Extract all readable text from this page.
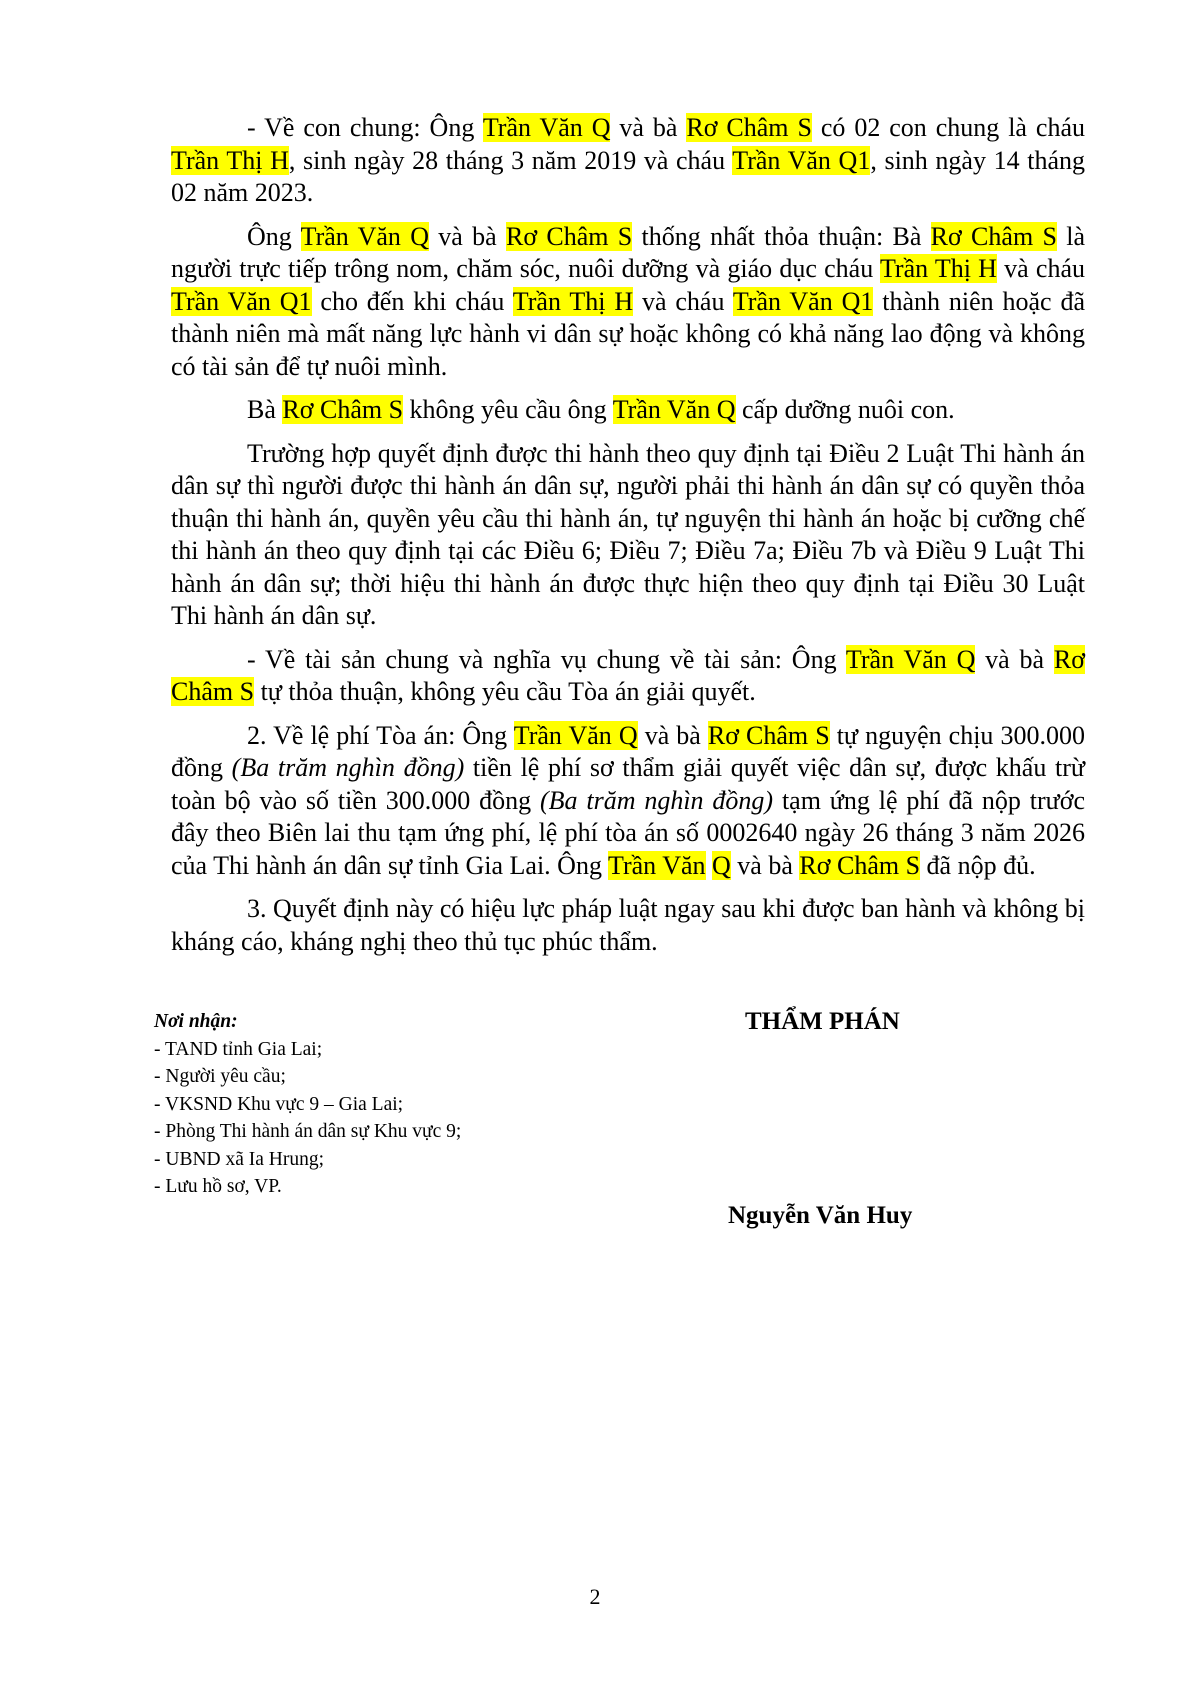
- Về con chung: Ông Trần Văn Q và bà Rơ Châm S có 02 con chung là cháu Trần Thị H, sinh ngày 28 tháng 3 năm 2019 và cháu Trần Văn Q1, sinh ngày 14 tháng 02 năm 2023.

Ông Trần Văn Q và bà Rơ Châm S thống nhất thỏa thuận: Bà Rơ Châm S là người trực tiếp trông nom, chăm sóc, nuôi dưỡng và giáo dục cháu Trần Thị H và cháu Trần Văn Q1 cho đến khi cháu Trần Thị H và cháu Trần Văn Q1 thành niên hoặc đã thành niên mà mất năng lực hành vi dân sự hoặc không có khả năng lao động và không có tài sản để tự nuôi mình.

Bà Rơ Châm S không yêu cầu ông Trần Văn Q cấp dưỡng nuôi con.

Trường hợp quyết định được thi hành theo quy định tại Điều 2 Luật Thi hành án dân sự thì người được thi hành án dân sự, người phải thi hành án dân sự có quyền thỏa thuận thi hành án, quyền yêu cầu thi hành án, tự nguyện thi hành án hoặc bị cưỡng chế thi hành án theo quy định tại các Điều 6; Điều 7; Điều 7a; Điều 7b và Điều 9 Luật Thi hành án dân sự; thời hiệu thi hành án được thực hiện theo quy định tại Điều 30 Luật Thi hành án dân sự.

- Về tài sản chung và nghĩa vụ chung về tài sản: Ông Trần Văn Q và bà Rơ Châm S tự thỏa thuận, không yêu cầu Tòa án giải quyết.

2. Về lệ phí Tòa án: Ông Trần Văn Q và bà Rơ Châm S tự nguyện chịu 300.000 đồng (Ba trăm nghìn đồng) tiền lệ phí sơ thẩm giải quyết việc dân sự, được khấu trừ toàn bộ vào số tiền 300.000 đồng (Ba trăm nghìn đồng) tạm ứng lệ phí đã nộp trước đây theo Biên lai thu tạm ứng phí, lệ phí tòa án số 0002640 ngày 26 tháng 3 năm 2026 của Thi hành án dân sự tỉnh Gia Lai. Ông Trần Văn Q và bà Rơ Châm S đã nộp đủ.

3. Quyết định này có hiệu lực pháp luật ngay sau khi được ban hành và không bị kháng cáo, kháng nghị theo thủ tục phúc thẩm.

Nơi nhận:
- TAND tỉnh Gia Lai;
- Người yêu cầu;
- VKSND Khu vực 9 – Gia Lai;
- Phòng Thi hành án dân sự Khu vực 9;
- UBND xã Ia Hrung;
- Lưu hồ sơ, VP.
THẨM PHÁN
Nguyễn Văn Huy
2
